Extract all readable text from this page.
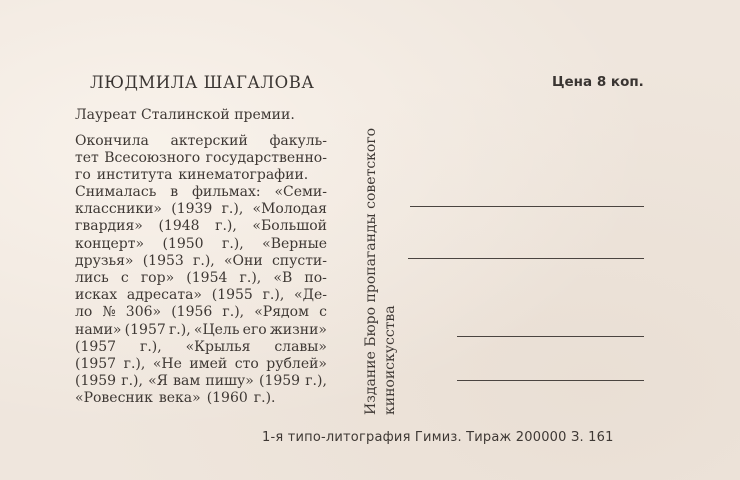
ЛЮДМИЛА ШАГАЛОВА
Лауреат Сталинской премии.
Окончила актерский факуль-
тет Всесоюзного государственно-
го института кинематографии.
Снималась в фильмах: «Семи-
классники» (1939 г.), «Молодая
гвардия» (1948 г.), «Большой
концерт» (1950 г.), «Верные
друзья» (1953 г.), «Они спусти-
лись с гор» (1954 г.), «В по-
исках адресата» (1955 г.), «Де-
ло № 306» (1956 г.), «Рядом с
нами» (1957 г.), «Цель его жизни»
(1957 г.), «Крылья славы»
(1957 г.), «Не имей сто рублей»
(1959 г.), «Я вам пишу» (1959 г.),
«Ровесник века» (1960 г.).	Издание Бюро пропаганды советского киноискусства
Цена 8 коп.
1-я типо-литография Гимиз. Тираж 200000 З. 161
